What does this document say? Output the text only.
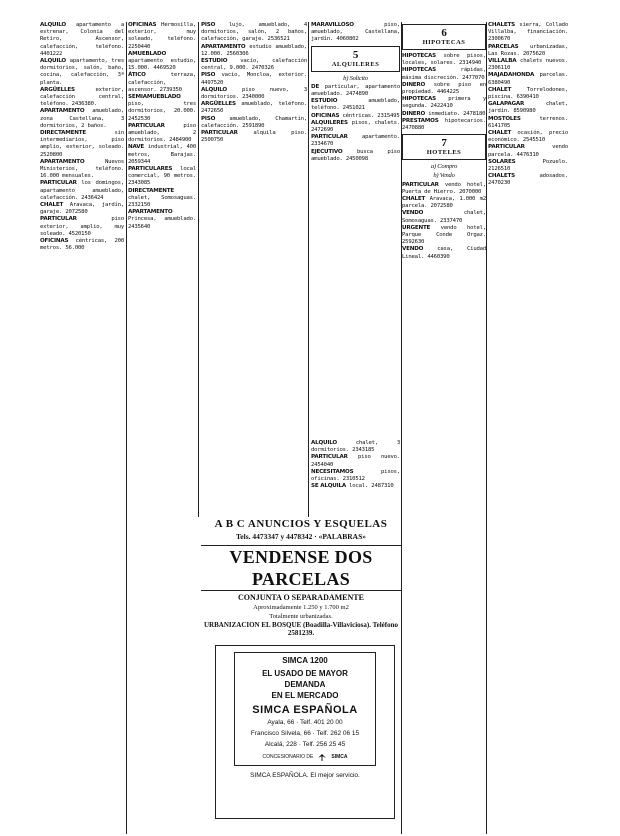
ALQUILO apartamento a estrenar, Colonia del Retiro, Ascensor, calefacción, teléfono. 4401222

ALQUILO apartamento, tres dormitorios, salón, baño, cocina, calefacción, 3ª planta.

ARGÜELLES exterior, calefacción central, teléfono. 2436380.

APARTAMENTO amueblado, zona Castellana, 3 dormitorios, 2 baños.

DIRECTAMENTE sin intermediarios, piso amplio, exterior, soleado. 2520800

APARTAMENTO Nuevos Ministerios, teléfono. 16.000 mensuales.

PARTICULAR los domingos, apartamento amueblado, calefacción. 2436424

CHALET Aravaca, jardín, garaje. 2072580

PARTICULAR piso exterior, amplio, muy soleado. 4520150

OFICINAS céntricas, 200 metros. 56.000

OFICINAS Hermosilla, exterior, muy soleado, teléfono. 2250440

AMUEBLADO apartamento estudio, 15.000. 4469520

ÁTICO terraza, calefacción, ascensor. 2739350

SEMIAMUEBLADO piso, tres dormitorios, 20.000. 2452530

PARTICULAR piso amueblado, 2 dormitorios. 2484900

NAVE industrial, 400 metros, Barajas. 2059344

PARTICULARES local comercial, 90 metros. 2343085

DIRECTAMENTE chalet, Somosaguas. 2332150

APARTAMENTO Princesa, amueblado. 2435640

PISO lujo, amueblado, 4 dormitorios, salón, 2 baños, calefacción, garaje. 2536521

APARTAMENTO estudio amueblado, 12.000. 2560306

ESTUDIO vacío, calefacción central, 9.000. 2470326

PISO vacío, Moncloa, exterior. 4497520

ALQUILO piso nuevo, 3 dormitorios. 2340000

ARGÜELLES amueblado, teléfono. 2472650

PISO amueblado, Chamartín, calefacción. 2591890

PARTICULAR alquila piso. 2500750

MARAVILLOSO piso, amueblado, Castellana, jardín. 4060802

5
ALQUILERES
b) Solicito

DE particular, apartamento amueblado. 2474890

ESTUDIO amueblado, teléfono. 2451021

OFICINAS céntricas. 2315495

ALQUILERES pisos, chalets. 2472690

PARTICULAR apartamento. 2334670

EJECUTIVO busca piso amueblado. 2450098

ALQUILO chalet, 3 dormitorios. 2343185

PARTICULAR piso nuevo. 2454040

NECESITAMOS pisos, oficinas. 2310512

SE ALQUILA local. 2487310

6
HIPOTECAS

HIPOTECAS sobre pisos, locales, solares. 2314940

HIPOTECAS rápidas, máxima discreción. 2477070

DINERO sobre piso en propiedad. 4464225

HIPOTECAS primera y segunda. 2422410

DINERO inmediato. 2478180

PRESTAMOS hipotecarios. 2470880

7
HOTELES
a) Compro
b) Vendo

PARTICULAR vendo hotel, Puerta de Hierro. 2070000

CHALET Aravaca, 1.000 m2 parcela. 2072580

VENDO chalet, Somosaguas. 2337470

URGENTE vendo hotel, Parque Conde Orgaz. 2592630

VENDO casa, Ciudad Lineal. 4460390

CHALETS sierra, Collado Villalba, financiación. 2300670

PARCELAS urbanizadas, Las Rozas. 2075620

VILLALBA chalets nuevos. 2306110

MAJADAHONDA parcelas. 6380490

CHALET Torrelodones, piscina. 6390410

GALAPAGAR chalet, jardín. 8590980

MOSTOLES terrenos. 6141705

CHALET ocasión, precio económico. 2545510

PARTICULAR vendo parcela. 4476310

SOLARES Pozuelo. 2126510

CHALETS adosados. 2470230

A B C ANUNCIOS Y ESQUELAS
Tels. 4473347 y 4478342 · «PALABRAS»
VENDENSE DOS PARCELAS
CONJUNTA O SEPARADAMENTE
Aproximadamente 1.250 y 1.700 m2
Totalmente urbanizadas.
URBANIZACION EL BOSQUE (Boadilla-Villaviciosa). Teléfono 2581239.
SIMCA 1200
EL USADO DE MAYOR
DEMANDA
EN EL MERCADO
SIMCA ESPAÑOLA
Ayala, 66 · Telf. 401 20 00
Francisco Silvela, 66 · Telf. 262 06 15
Alcalá, 228 · Telf. 256 25 45
CONCESIONARIO DE	SIMCA
SIMCA ESPAÑOLA. El mejor servicio.
